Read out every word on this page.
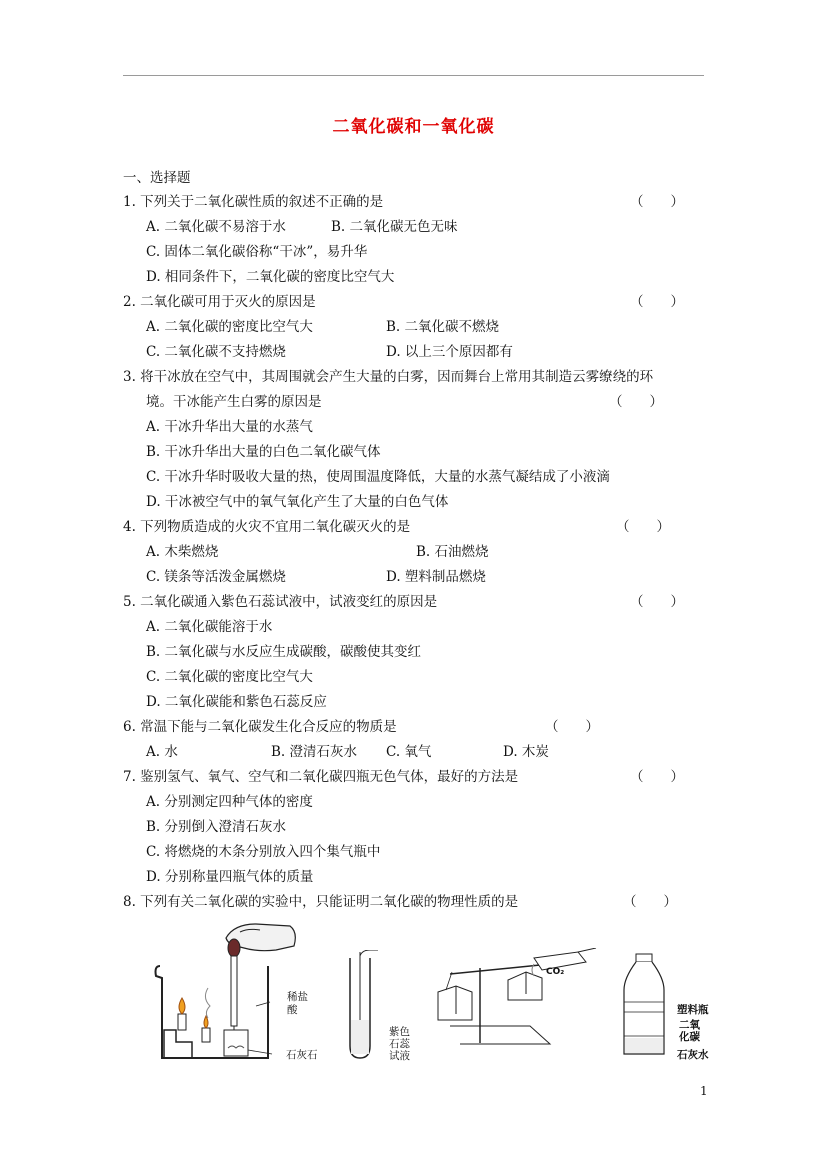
二氧化碳和一氧化碳
一、选择题
1. 下列关于二氧化碳性质的叙述不正确的是	（　　）
A. 二氧化碳不易溶于水	B. 二氧化碳无色无味
C. 固体二氧化碳俗称“干冰”，易升华
D. 相同条件下，二氧化碳的密度比空气大
2. 二氧化碳可用于灭火的原因是	（　　）
A. 二氧化碳的密度比空气大	B. 二氧化碳不燃烧
C. 二氧化碳不支持燃烧	D. 以上三个原因都有
3. 将干冰放在空气中，其周围就会产生大量的白雾，因而舞台上常用其制造云雾缭绕的环
境。干冰能产生白雾的原因是	（　　）
A. 干冰升华出大量的水蒸气
B. 干冰升华出大量的白色二氧化碳气体
C. 干冰升华时吸收大量的热，使周围温度降低，大量的水蒸气凝结成了小液滴
D. 干冰被空气中的氧气氧化产生了大量的白色气体
4. 下列物质造成的火灾不宜用二氧化碳灭火的是	（　　）
A. 木柴燃烧	B. 石油燃烧
C. 镁条等活泼金属燃烧	D. 塑料制品燃烧
5. 二氧化碳通入紫色石蕊试液中，试液变红的原因是	（　　）
A. 二氧化碳能溶于水
B. 二氧化碳与水反应生成碳酸，碳酸使其变红
C. 二氧化碳的密度比空气大
D. 二氧化碳能和紫色石蕊反应
6. 常温下能与二氧化碳发生化合反应的物质是	（　　）
A. 水	B. 澄清石灰水 C. 氧气	D. 木炭
7. 鉴别氢气、氧气、空气和二氧化碳四瓶无色气体，最好的方法是	（　　）
A. 分别测定四种气体的密度
B. 分别倒入澄清石灰水
C. 将燃烧的木条分别放入四个集气瓶中
D. 分别称量四瓶气体的质量
8. 下列有关二氧化碳的实验中，只能证明二氧化碳的物理性质的是	（　　）
稀盐
酸
石灰石
紫色
石蕊
试液
CO₂
塑料瓶
二氧
化碳
石灰水
1
